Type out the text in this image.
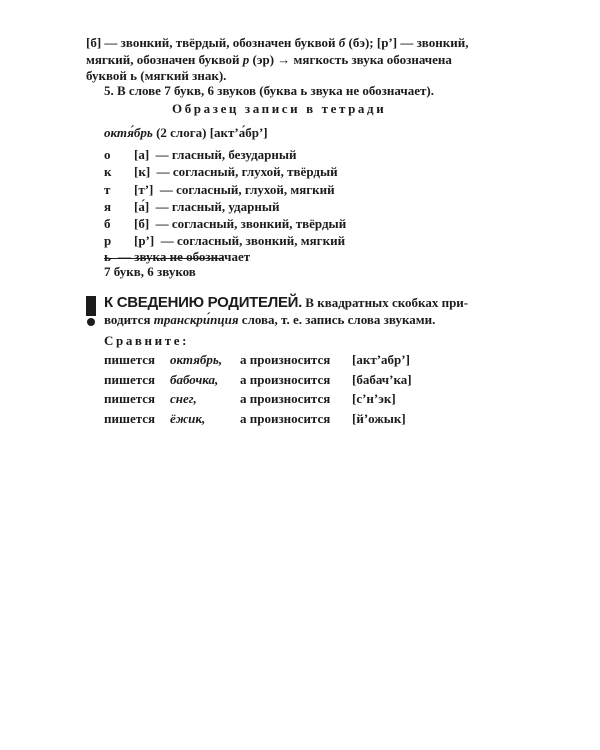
[б] — звонкий, твёрдый, обозначен буквой б (бэ); [р’] — звонкий,
мягкий, обозначен буквой р (эр) → мягкость звука обозначена
буквой ь (мягкий знак).
5. В слове 7 букв, 6 звуков (буква ь звука не обозначает).
Образец записи в тетради
октя́брь (2 слога) [акт’а́бр’]
о [а]  — гласный, безударный
к [к]  — согласный, глухой, твёрдый
т [т’]  — согласный, глухой, мягкий
я [а́]  — гласный, ударный
б [б]  — согласный, звонкий, твёрдый
р [р’]  — согласный, звонкий, мягкий
ь — звука не обозначает
7 букв, 6 звуков
К СВЕДЕНИЮ РОДИТЕЛЕЙ. В квадратных скобках при-
водится транскри́пция слова, т. е. запись слова звуками.
Сравните:
пишется октябрь, а произносится [акт’абр’]
пишется бабочка, а произносится [бабач’ка]
пишется снег,	а произносится [с’н’эк]
пишется ёжик,	а произносится [й’ожык]
